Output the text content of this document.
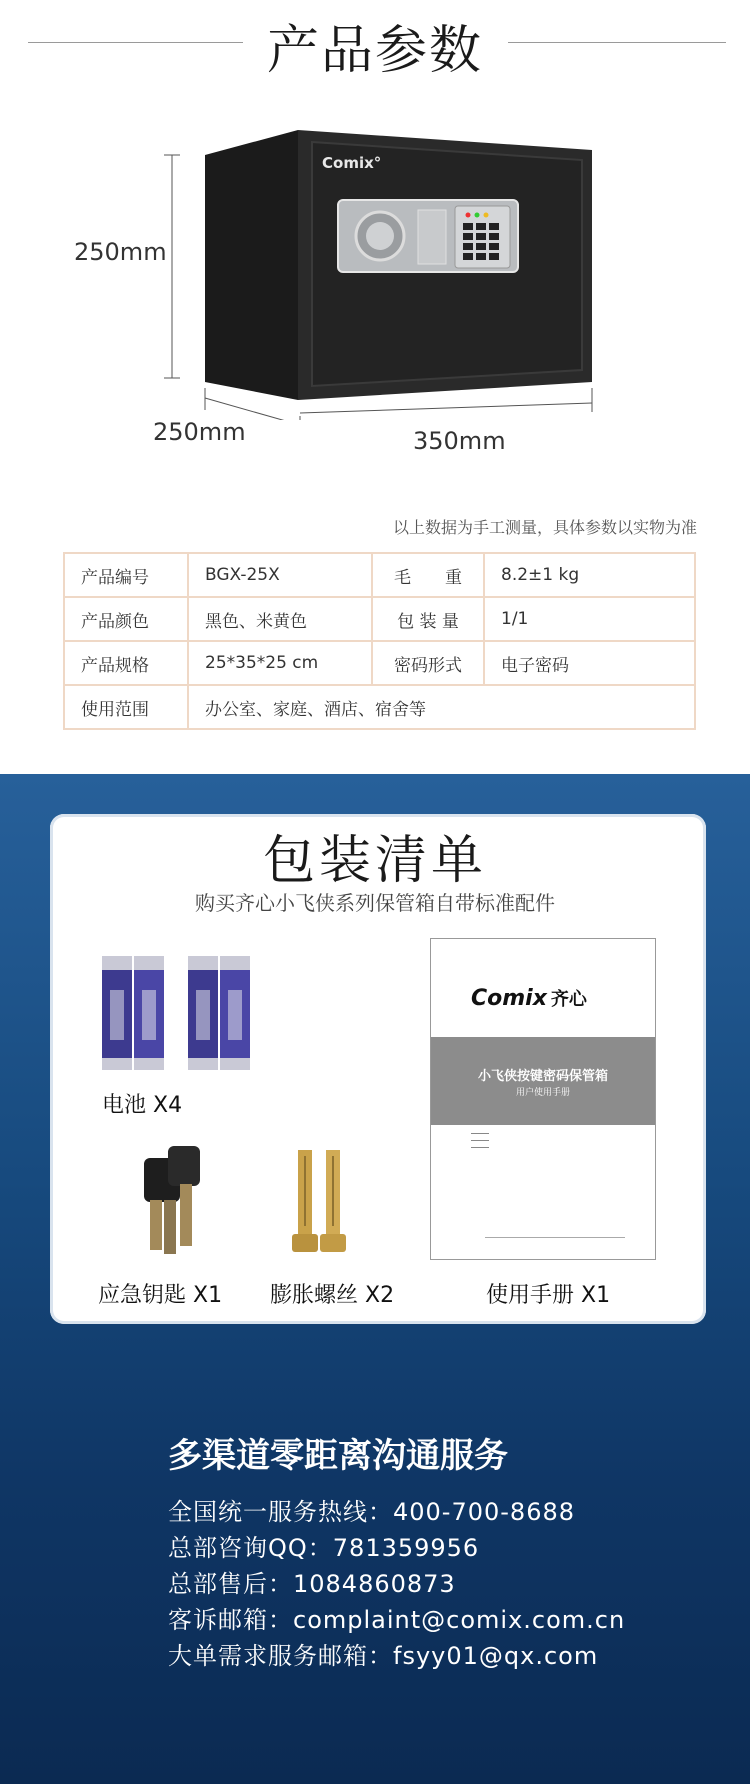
产品参数
Comix°
250mm
250mm	350mm
以上数据为手工测量，具体参数以实物为准
产品编号	BGX-25X	毛　　重	8.2±1 kg
产品颜色	黑色、米黄色	包 装 量	1/1
产品规格	25*35*25 cm	密码形式	电子密码
使用范围	办公室、家庭、酒店、宿舍等		
包装清单
购买齐心小飞侠系列保管箱自带标准配件
电池 X4
应急钥匙 X1 膨胀螺丝 X2
Comix 齐心
小飞侠按键密码保管箱
用户使用手册
使用手册 X1
多渠道零距离沟通服务
全国统一服务热线：400-700-8688
总部咨询QQ：781359956
总部售后：1084860873
客诉邮箱：complaint@comix.com.cn
大单需求服务邮箱：fsyy01@qx.com
